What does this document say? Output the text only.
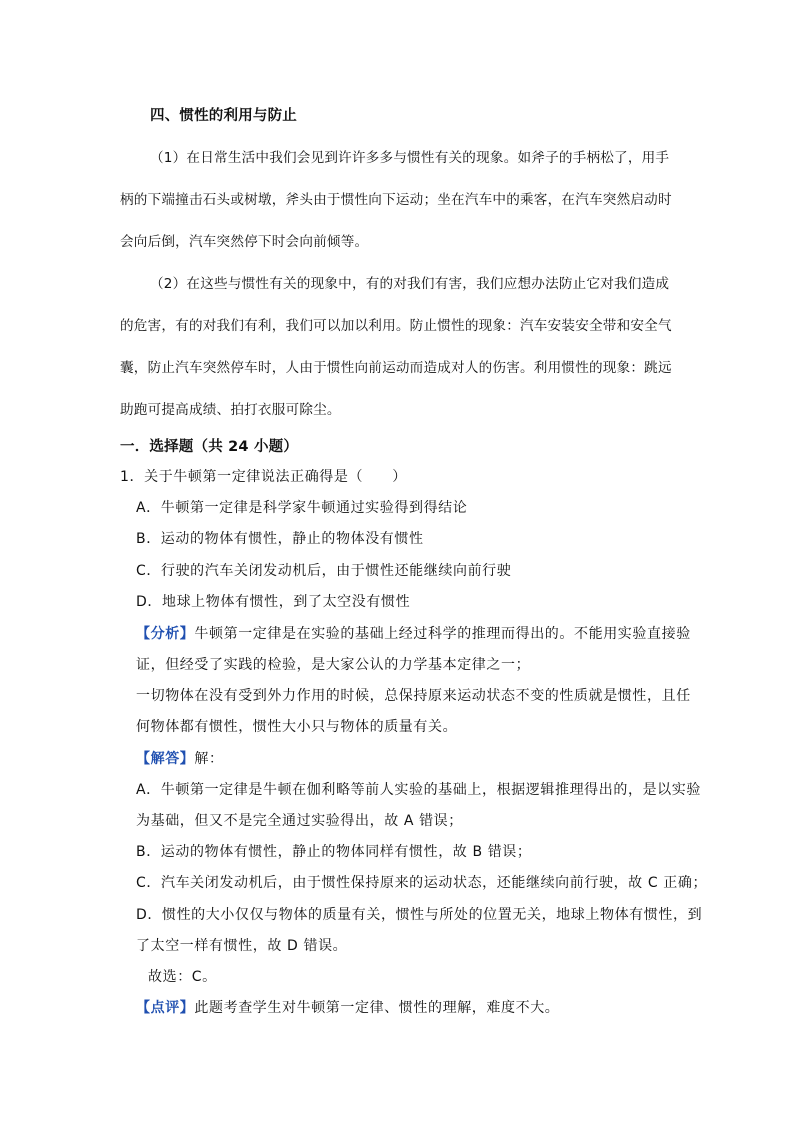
四、惯性的利用与防止
（1）在日常生活中我们会见到许许多多与惯性有关的现象。如斧子的手柄松了，用手
柄的下端撞击石头或树墩，斧头由于惯性向下运动；坐在汽车中的乘客，在汽车突然启动时
会向后倒，汽车突然停下时会向前倾等。
（2）在这些与惯性有关的现象中，有的对我们有害，我们应想办法防止它对我们造成
的危害，有的对我们有利，我们可以加以利用。防止惯性的现象：汽车安装安全带和安全气
囊，防止汽车突然停车时，人由于惯性向前运动而造成对人的伤害。利用惯性的现象：跳远
助跑可提高成绩、拍打衣服可除尘。
一．选择题（共 24 小题）
1．关于牛顿第一定律说法正确得是（　　）
A．牛顿第一定律是科学家牛顿通过实验得到得结论
B．运动的物体有惯性，静止的物体没有惯性
C．行驶的汽车关闭发动机后，由于惯性还能继续向前行驶
D．地球上物体有惯性，到了太空没有惯性
【分析】牛顿第一定律是在实验的基础上经过科学的推理而得出的。不能用实验直接验
证，但经受了实践的检验，是大家公认的力学基本定律之一；
一切物体在没有受到外力作用的时候，总保持原来运动状态不变的性质就是惯性，且任
何物体都有惯性，惯性大小只与物体的质量有关。
【解答】解：
A．牛顿第一定律是牛顿在伽利略等前人实验的基础上，根据逻辑推理得出的，是以实验
为基础，但又不是完全通过实验得出，故 A 错误；
B．运动的物体有惯性，静止的物体同样有惯性，故 B 错误；
C．汽车关闭发动机后，由于惯性保持原来的运动状态，还能继续向前行驶，故 C 正确；
D．惯性的大小仅仅与物体的质量有关，惯性与所处的位置无关，地球上物体有惯性，到
了太空一样有惯性，故 D 错误。
故选：C。
【点评】此题考查学生对牛顿第一定律、惯性的理解，难度不大。
